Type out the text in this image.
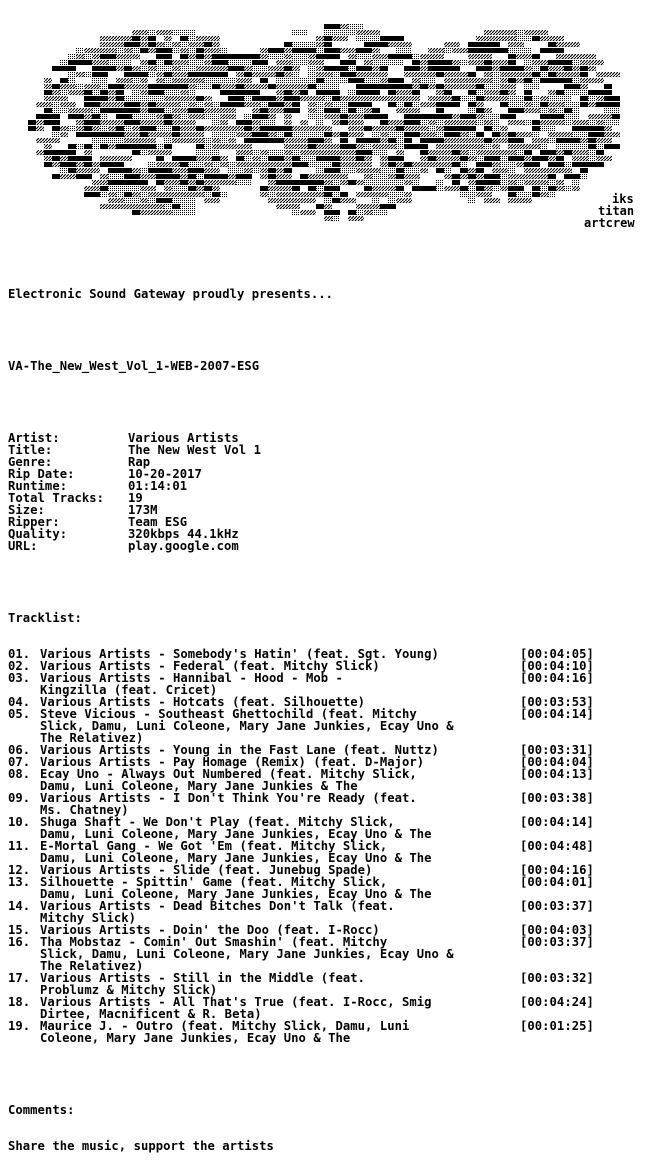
iks
titan
artcrew

Electronic Sound Gateway proudly presents...

VA-The_New_West_Vol_1-WEB-2007-ESG

Artist:	Various Artists
Title:	The New West Vol 1
Genre:	Rap
Rip Date:	10-20-2017
Runtime:	01:14:01
Total Tracks:	19
Size:	173M
Ripper:	Team ESG
Quality:	320kbps 44.1kHz
URL:	play.google.com

Tracklist:

01. Various Artists - Somebody's Hatin' (feat. Sgt. Young)	[00:04:05]
02. Various Artists - Federal (feat. Mitchy Slick)	[00:04:10]
03. Various Artists - Hannibal - Hood - Mob -	[00:04:16]
Kingzilla (feat. Cricet)
04. Various Artists - Hotcats (feat. Silhouette)	[00:03:53]
05. Steve Vicious - Southeast Ghettochild (feat. Mitchy	[00:04:14]
Slick, Damu, Luni Coleone, Mary Jane Junkies, Ecay Uno &
The Relativez)
06. Various Artists - Young in the Fast Lane (feat. Nuttz)	[00:03:31]
07. Various Artists - Pay Homage (Remix) (feat. D-Major)	[00:04:04]
08. Ecay Uno - Always Out Numbered (feat. Mitchy Slick,	[00:04:13]
Damu, Luni Coleone, Mary Jane Junkies & The
09. Various Artists - I Don't Think You're Ready (feat.	[00:03:38]
Ms. Chatney)
10. Shuga Shaft - We Don't Play (feat. Mitchy Slick,	[00:04:14]
Damu, Luni Coleone, Mary Jane Junkies, Ecay Uno & The
11. E-Mortal Gang - We Got 'Em (feat. Mitchy Slick,	[00:04:48]
Damu, Luni Coleone, Mary Jane Junkies, Ecay Uno & The
12. Various Artists - Slide (feat. Junebug Spade)	[00:04:16]
13. Silhouette - Spittin' Game (feat. Mitchy Slick,	[00:04:01]
Damu, Luni Coleone, Mary Jane Junkies, Ecay Uno & The
14. Various Artists - Dead Bitches Don't Talk (feat.	[00:03:37]
Mitchy Slick)
15. Various Artists - Doin' the Doo (feat. I-Rocc)	[00:04:03]
16. Tha Mobstaz - Comin' Out Smashin' (feat. Mitchy	[00:03:37]
Slick, Damu, Luni Coleone, Mary Jane Junkies, Ecay Uno &
The Relativez)
17. Various Artists - Still in the Middle (feat.	[00:03:32]
Problumz & Mitchy Slick)
18. Various Artists - All That's True (feat. I-Rocc, Smig	[00:04:24]
Dirtee, Macnificent & R. Beta)
19. Maurice J. - Outro (feat. Mitchy Slick, Damu, Luni	[00:01:25]
Coleone, Mary Jane Junkies, Ecay Uno & The

Comments:

Share the music, support the artists
